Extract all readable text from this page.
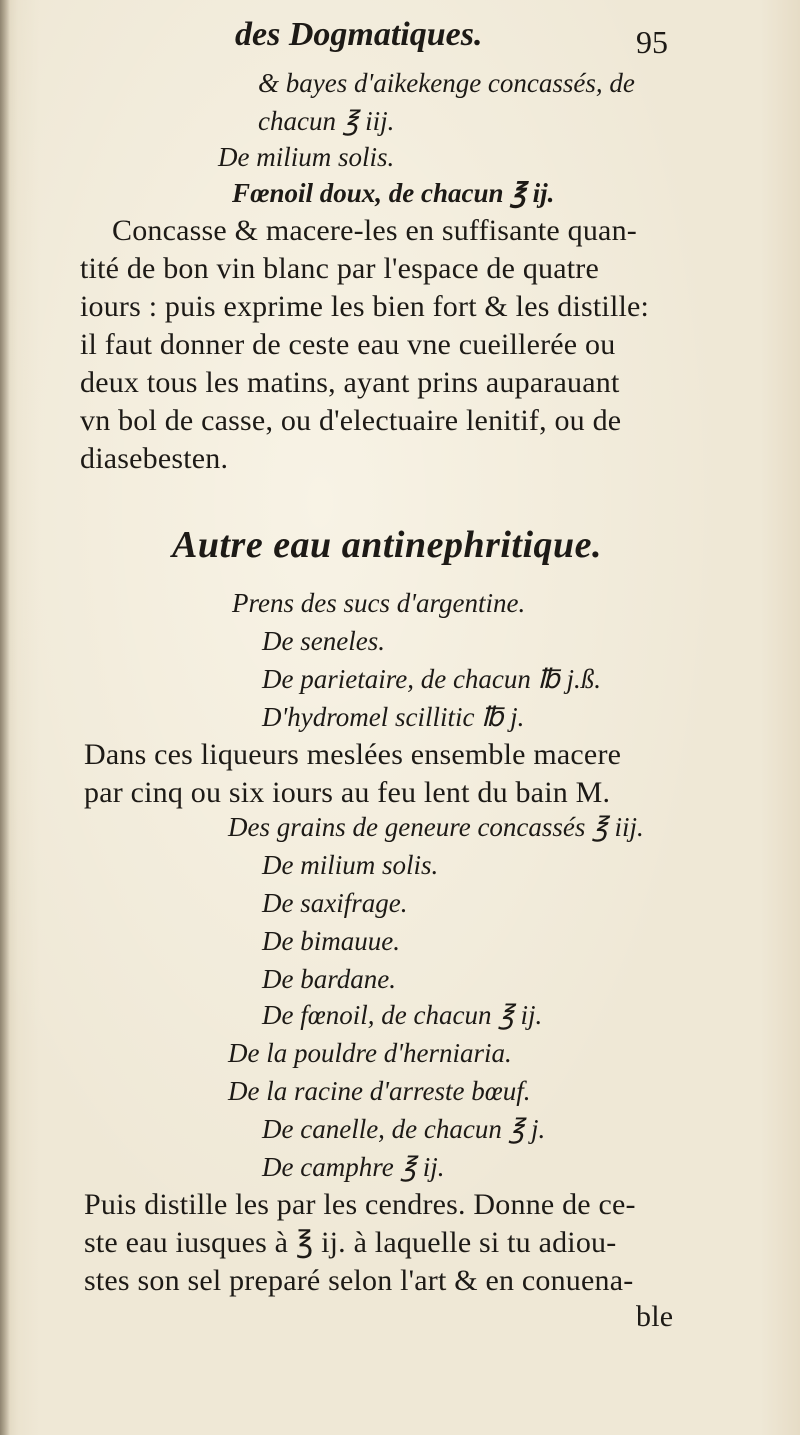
des Dogmatiques.	95
& bayes d'aikekenge concassés, de
chacun ℥ iij.
De milium solis.
Fœnoil doux, de chacun ℥ ij.
Concasse & macere-les en suffisante quan-
tité de bon vin blanc par l'espace de quatre
iours : puis exprime les bien fort & les distille:
il faut donner de ceste eau vne cueillerée ou
deux tous les matins, ayant prins auparauant
vn bol de casse, ou d'electuaire lenitif, ou de
diasebesten.
Autre eau antinephritique.
Prens des sucs d'argentine.
De seneles.
De parietaire, de chacun ℔ j.ß.
D'hydromel scillitic ℔ j.
Dans ces liqueurs meslées ensemble macere
par cinq ou six iours au feu lent du bain M.
Des grains de geneure concassés ℥ iij.
De milium solis.
De saxifrage.
De bimauue.
De bardane.
De fœnoil, de chacun ℥ ij.
De la pouldre d'herniaria.
De la racine d'arreste bœuf.
De canelle, de chacun ℥ j.
De camphre ℥ ij.
Puis distille les par les cendres. Donne de ce-
ste eau iusques à ℥ ij. à laquelle si tu adiou-
stes son sel preparé selon l'art & en conuena-
ble
